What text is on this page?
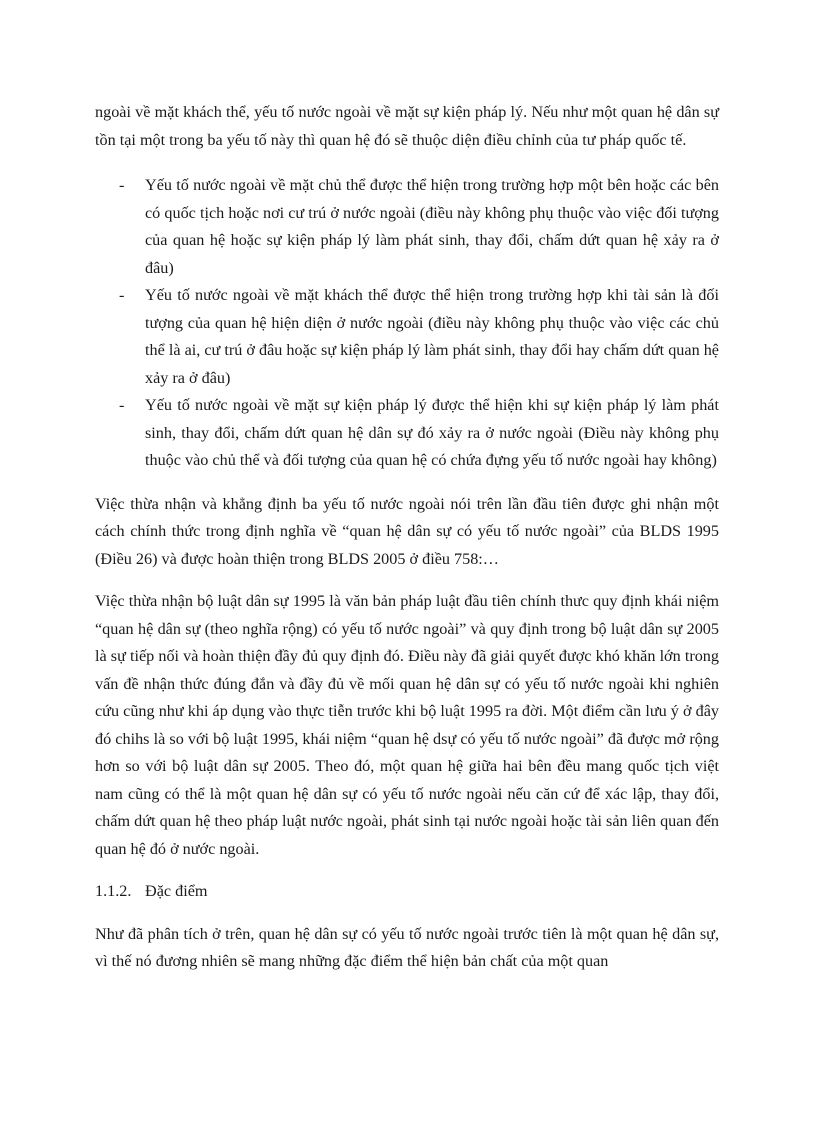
ngoài về mặt khách thể, yếu tố nước ngoài về mặt sự kiện pháp lý. Nếu như một quan hệ dân sự tồn tại một trong ba yếu tố này thì quan hệ đó sẽ thuộc diện điều chỉnh của tư pháp quốc tế.

- Yếu tố nước ngoài về mặt chủ thể được thể hiện trong trường hợp một bên hoặc các bên có quốc tịch hoặc nơi cư trú ở nước ngoài (điều này không phụ thuộc vào việc đối tượng của quan hệ hoặc sự kiện pháp lý làm phát sinh, thay đổi, chấm dứt quan hệ xảy ra ở đâu)
- Yếu tố nước ngoài về mặt khách thể được thể hiện trong trường hợp khi tài sản là đối tượng của quan hệ hiện diện ở nước ngoài (điều này không phụ thuộc vào việc các chủ thể là ai, cư trú ở đâu hoặc sự kiện pháp lý làm phát sinh, thay đổi hay chấm dứt quan hệ xảy ra ở đâu)
- Yếu tố nước ngoài về mặt sự kiện pháp lý được thể hiện khi sự kiện pháp lý làm phát sinh, thay đổi, chấm dứt quan hệ dân sự đó xảy ra ở nước ngoài (Điều này không phụ thuộc vào chủ thể và đối tượng của quan hệ có chứa đựng yếu tố nước ngoài hay không)

Việc thừa nhận và khẳng định ba yếu tố nước ngoài nói trên lần đầu tiên được ghi nhận một cách chính thức trong định nghĩa về “quan hệ dân sự có yếu tố nước ngoài” của BLDS 1995 (Điều 26) và được hoàn thiện trong BLDS 2005 ở điều 758:…

Việc thừa nhận bộ luật dân sự 1995 là văn bản pháp luật đầu tiên chính thưc quy định khái niệm “quan hệ dân sự (theo nghĩa rộng) có yếu tố nước ngoài” và quy định trong bộ luật dân sự 2005 là sự tiếp nối và hoàn thiện đầy đủ quy định đó. Điều này đã giải quyết được khó khăn lớn trong vấn đề nhận thức đúng đắn và đầy đủ về mối quan hệ dân sự có yếu tố nước ngoài khi nghiên cứu cũng như khi áp dụng vào thực tiễn trước khi bộ luật 1995 ra đời. Một điểm cần lưu ý ở đây đó chihs là so với bộ luật 1995, khái niệm “quan hệ dsự có yếu tố nước ngoài” đã được mở rộng hơn so với bộ luật dân sự 2005. Theo đó, một quan hệ giữa hai bên đều mang quốc tịch việt nam cũng có thể là một quan hệ dân sự có yếu tố nước ngoài nếu căn cứ để xác lập, thay đổi, chấm dứt quan hệ theo pháp luật nước ngoài, phát sinh tại nước ngoài hoặc tài sản liên quan đến quan hệ đó ở nước ngoài.

1.1.2. Đặc điểm

Như đã phân tích ở trên, quan hệ dân sự có yếu tố nước ngoài trước tiên là một quan hệ dân sự, vì thế nó đương nhiên sẽ mang những đặc điểm thể hiện bản chất của một quan
